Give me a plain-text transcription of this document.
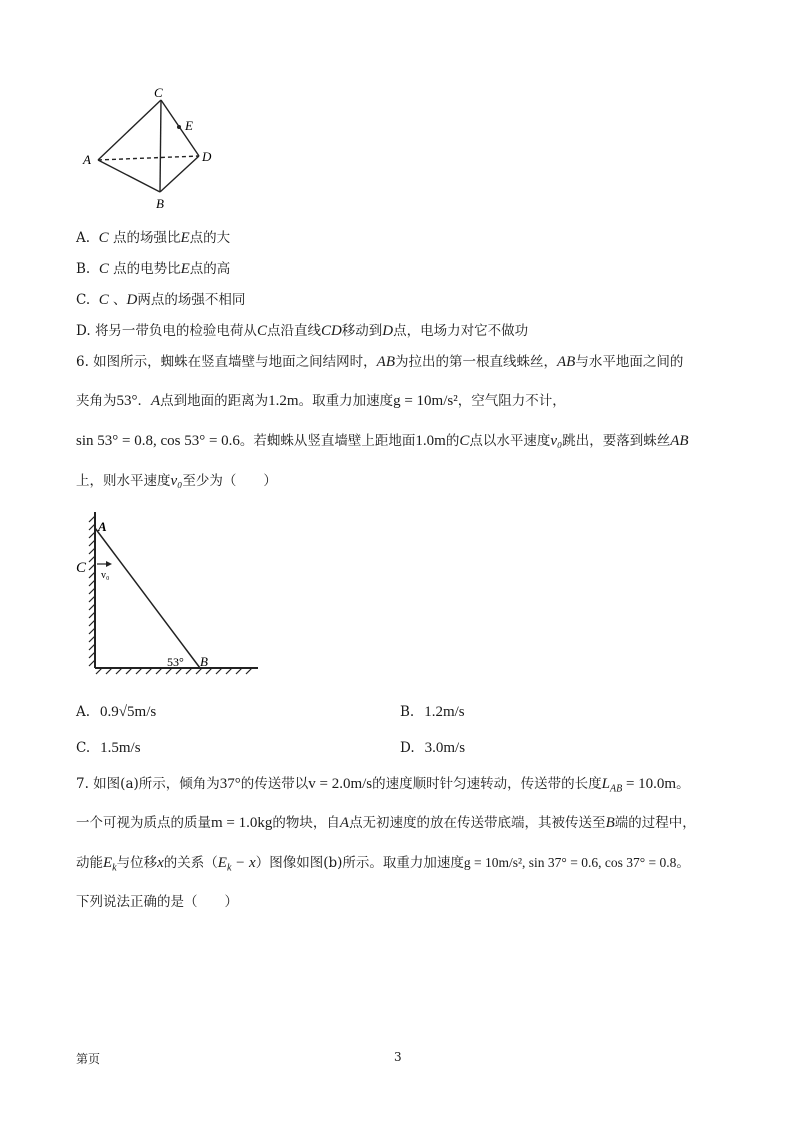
C
E
A	D
B
A. C 点的场强比E点的大
B. C 点的电势比E点的高
C. C 、D两点的场强不相同
D. 将另一带负电的检验电荷从C点沿直线CD移动到D点，电场力对它不做功
6. 如图所示，蜘蛛在竖直墙壁与地面之间结网时，AB为拉出的第一根直线蛛丝，AB与水平地面之间的
夹角为53°．A点到地面的距离为1.2m。取重力加速度g = 10m/s²，空气阻力不计，
sin 53° = 0.8, cos 53° = 0.6。若蜘蛛从竖直墙壁上距地面1.0m的C点以水平速度v₀跳出，要落到蛛丝AB
上，则水平速度v₀至少为（　　）
A
C v₀
53° B
A. 0.9√5m/s	B. 1.2m/s
C. 1.5m/s	D. 3.0m/s
7. 如图(a)所示，倾角为37°的传送带以v = 2.0m/s的速度顺时针匀速转动，传送带的长度$L_{AB} = 10.0m$。
一个可视为质点的质量m = 1.0kg的物块，自A点无初速度的放在传送带底端，其被传送至B端的过程中，
动能$E_k$与位移x的关系$(E_k - x)$图像如图(b)所示。取重力加速度g = 10m/s², sin 37° = 0.6, cos 37° = 0.8。
下列说法正确的是（　　）
第页	3
